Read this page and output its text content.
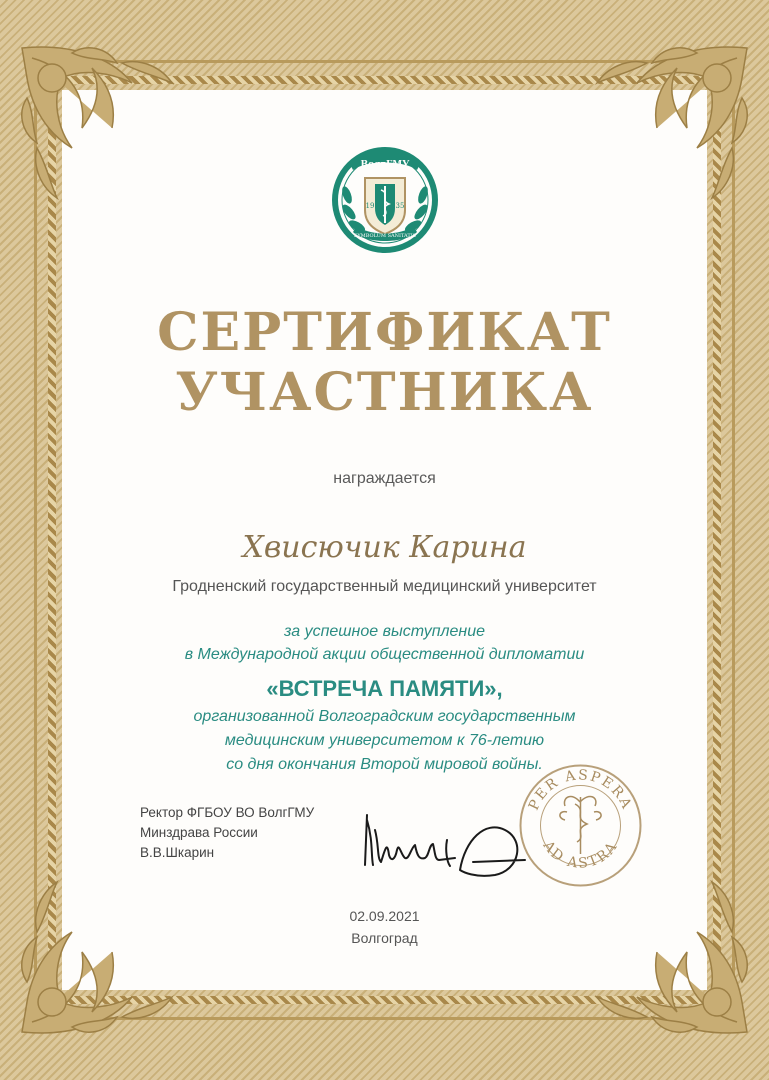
ВолгГМУ
19	35
SYMBOLUM SANITATIS
СЕРТИФИКАТ
УЧАСТНИКА
награждается
Хвисючик Карина
Гродненский государственный медицинский университет
за успешное выступление
в Международной акции общественной дипломатии
«ВСТРЕЧА ПАМЯТИ»,
организованной Волгоградским государственным
медицинским университетом к 76-летию
со дня окончания Второй мировой войны.
Ректор ФГБОУ ВО ВолгГМУ
Минздрава России
В.В.Шкарин
PER ASPERA
AD ASTRA
02.09.2021
Волгоград
